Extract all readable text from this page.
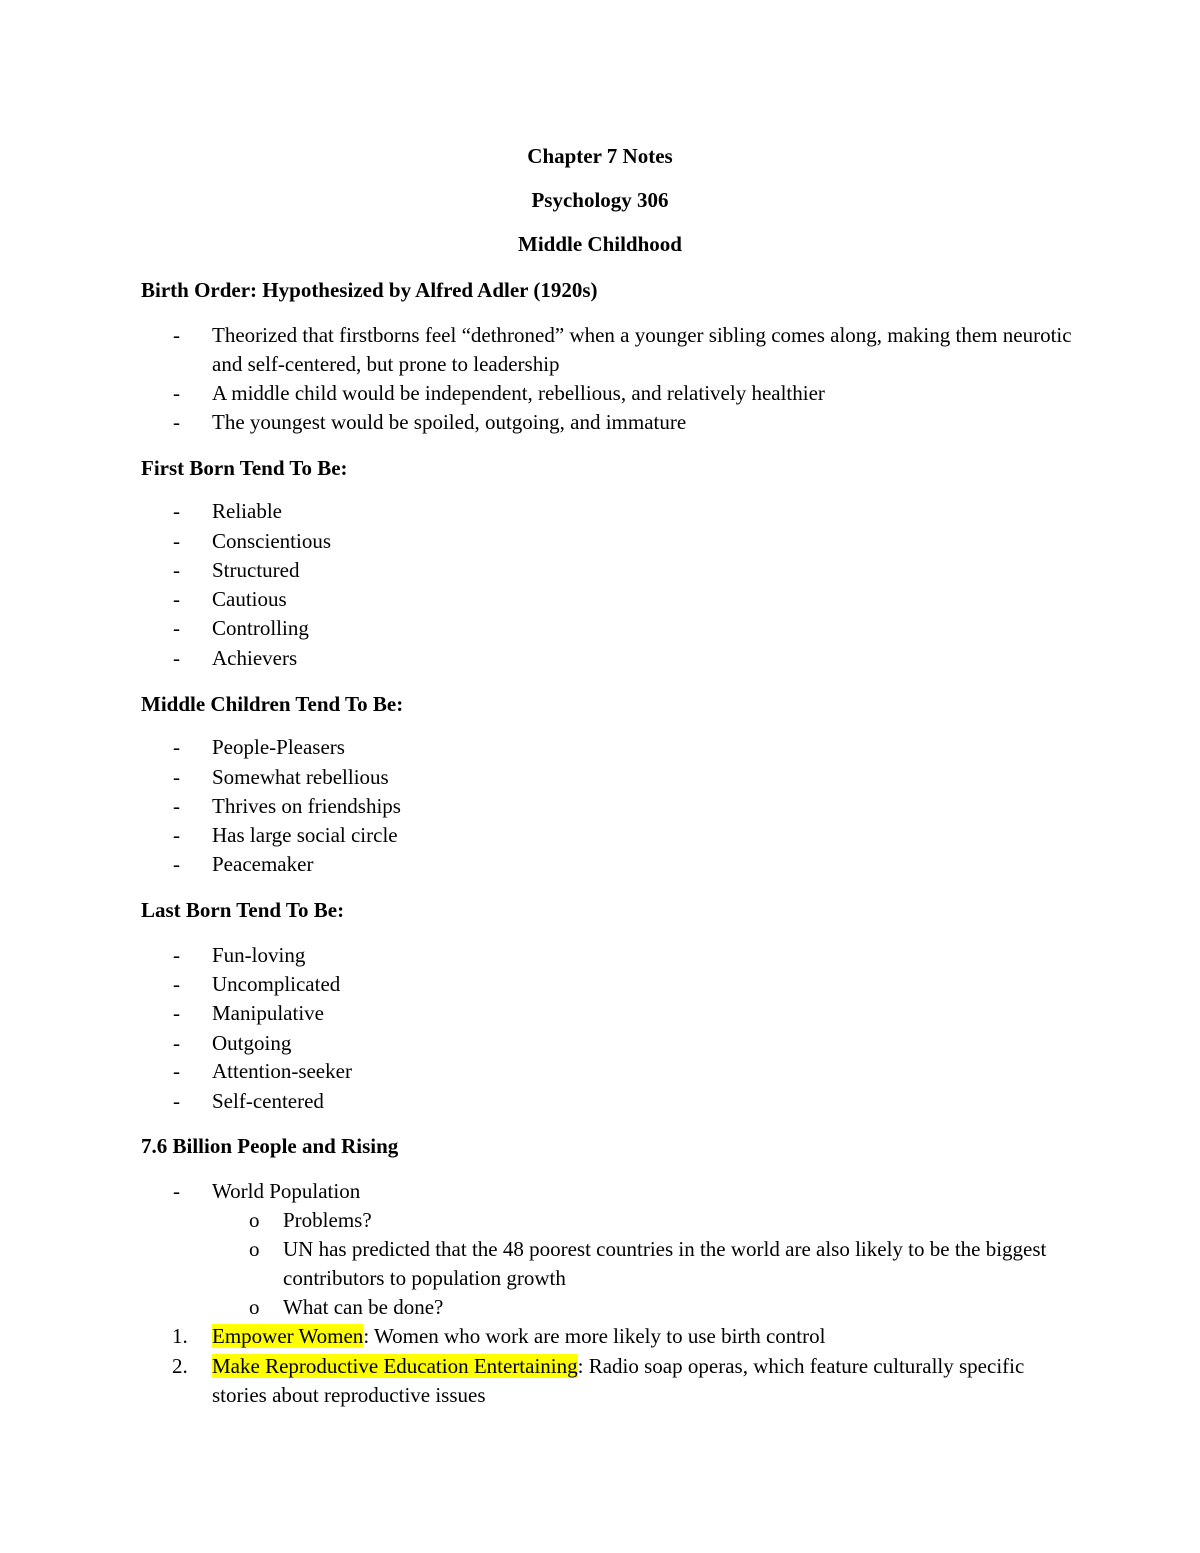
Chapter 7 Notes
Psychology 306
Middle Childhood
Birth Order: Hypothesized by Alfred Adler (1920s)
- Theorized that firstborns feel “dethroned” when a younger sibling comes along, making them neurotic and self-centered, but prone to leadership
- A middle child would be independent, rebellious, and relatively healthier
- The youngest would be spoiled, outgoing, and immature
First Born Tend To Be:
- Reliable
- Conscientious
- Structured
- Cautious
- Controlling
- Achievers
Middle Children Tend To Be:
- People-Pleasers
- Somewhat rebellious
- Thrives on friendships
- Has large social circle
- Peacemaker
Last Born Tend To Be:
- Fun-loving
- Uncomplicated
- Manipulative
- Outgoing
- Attention-seeker
- Self-centered
7.6 Billion People and Rising
- World Population
o Problems?
o UN has predicted that the 48 poorest countries in the world are also likely to be the biggest contributors to population growth
o What can be done?
1. Empower Women: Women who work are more likely to use birth control
2. Make Reproductive Education Entertaining: Radio soap operas, which feature culturally specific stories about reproductive issues
